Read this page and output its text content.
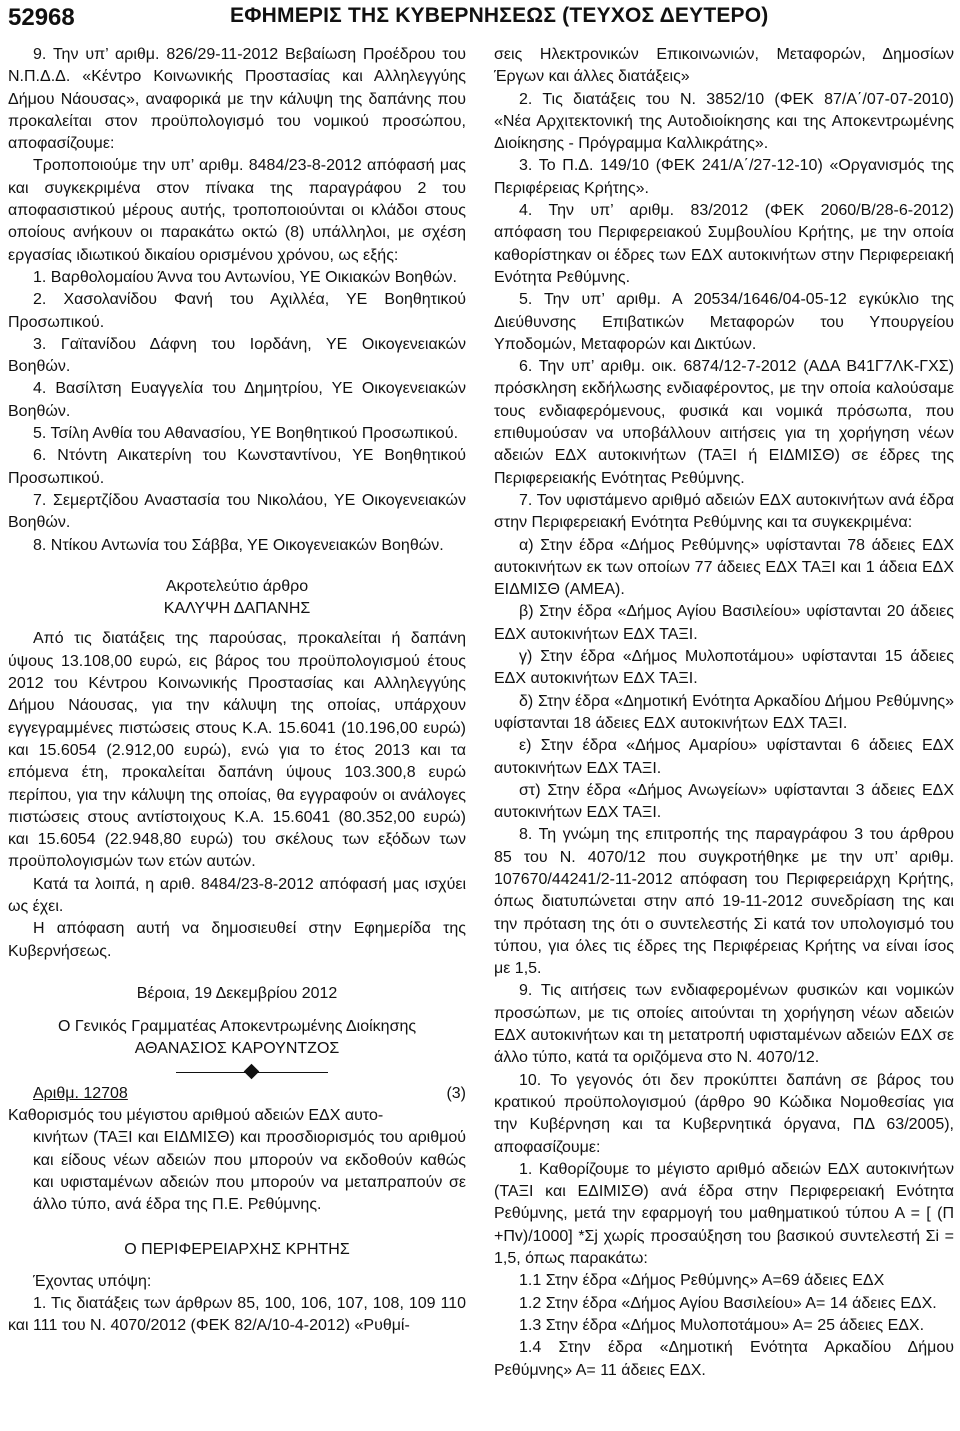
52968	ΕΦΗΜΕΡΙΣ ΤΗΣ ΚΥΒΕΡΝΗΣΕΩΣ (ΤΕΥΧΟΣ ΔΕΥΤΕΡΟ)

9. Την υπ’ αριθμ. 826/29-11-2012 Βεβαίωση Προέδρου του Ν.Π.Δ.Δ. «Κέντρο Κοινωνικής Προστασίας και Αλληλεγγύης Δήμου Νάουσας», αναφορικά με την κάλυψη της δαπάνης που προκαλείται στον προϋπολογισμό του νομικού προσώπου, αποφασίζουμε:

Τροποποιούμε την υπ’ αριθμ. 8484/23-8-2012 απόφασή μας και συγκεκριμένα στον πίνακα της παραγράφου 2 του αποφασιστικού μέρους αυτής, τροποποιούνται οι κλάδοι στους οποίους ανήκουν οι παρακάτω οκτώ (8) υπάλληλοι, με σχέση εργασίας ιδιωτικού δικαίου ορισμένου χρόνου, ως εξής:

1. Βαρθολομαίου Άννα του Αντωνίου, ΥΕ Οικιακών Βοηθών.

2. Χασολανίδου Φανή του Αχιλλέα, ΥΕ Βοηθητικού Προσωπικού.

3. Γαϊτανίδου Δάφνη του Ιορδάνη, ΥΕ Οικογενειακών Βοηθών.

4. Βασίλτση Ευαγγελία του Δημητρίου, ΥΕ Οικογενειακών Βοηθών.

5. Τσίλη Ανθία του Αθανασίου, ΥΕ Βοηθητικού Προσωπικού.

6. Ντόντη Αικατερίνη του Κωνσταντίνου, ΥΕ Βοηθητικού Προσωπικού.

7. Σεμερτζίδου Αναστασία του Νικολάου, ΥΕ Οικογενειακών Βοηθών.

8. Ντίκου Αντωνία του Σάββα, ΥΕ Οικογενειακών Βοηθών.

Ακροτελεύτιο άρθρο

ΚΑΛΥΨΗ ΔΑΠΑΝΗΣ

Από τις διατάξεις της παρούσας, προκαλείται ή δαπάνη ύψους 13.108,00 ευρώ, εις βάρος του προϋπολογισμού έτους 2012 του Κέντρου Κοινωνικής Προστασίας και Αλληλεγγύης Δήμου Νάουσας, για την κάλυψη της οποίας, υπάρχουν εγγεγραμμένες πιστώσεις στους Κ.Α. 15.6041 (10.196,00 ευρώ) και 15.6054 (2.912,00 ευρώ), ενώ για το έτος 2013 και τα επόμενα έτη, προκαλείται δαπάνη ύψους 103.300,8 ευρώ περίπου, για την κάλυψη της οποίας, θα εγγραφούν οι ανάλογες πιστώσεις στους αντίστοιχους Κ.Α. 15.6041 (80.352,00 ευρώ) και 15.6054 (22.948,80 ευρώ) του σκέλους των εξόδων των προϋπολογισμών των ετών αυτών.

Κατά τα λοιπά, η αριθ. 8484/23-8-2012 απόφασή μας ισχύει ως έχει.

Η απόφαση αυτή να δημοσιευθεί στην Εφημερίδα της Κυβερνήσεως.

Βέροια, 19 Δεκεμβρίου 2012

Ο Γενικός Γραμματέας Αποκεντρωμένης Διοίκησης

ΑΘΑΝΑΣΙΟΣ ΚΑΡΟΥΝΤΖΟΣ

Αριθμ. 12708	(3)

Καθορισμός του μέγιστου αριθμού αδειών ΕΔΧ αυτο-

κινήτων (ΤΑΞΙ και ΕΙΔΜΙΣΘ) και προσδιορισμός του αριθμού και είδους νέων αδειών που μπορούν να εκδοθούν καθώς και υφισταμένων αδειών που μπορούν να μεταπραπούν σε άλλο τύπο, ανά έδρα της Π.Ε. Ρεθύμνης.

Ο ΠΕΡΙΦΕΡΕΙΑΡΧΗΣ ΚΡΗΤΗΣ

Έχοντας υπόψη:

1. Τις διατάξεις των άρθρων 85, 100, 106, 107, 108, 109 110 και 111 του Ν. 4070/2012 (ΦΕΚ 82/Α/10-4-2012) «Ρυθμί-

σεις Ηλεκτρονικών Επικοινωνιών, Μεταφορών, Δημοσίων Έργων και άλλες διατάξεις»

2. Τις διατάξεις του Ν. 3852/10 (ΦΕΚ 87/Α΄/07-07-2010) «Νέα Αρχιτεκτονική της Αυτοδιοίκησης και της Αποκεντρωμένης Διοίκησης - Πρόγραμμα Καλλικράτης».

3. Το Π.Δ. 149/10 (ΦΕΚ 241/Α΄/27-12-10) «Οργανισμός της Περιφέρειας Κρήτης».

4. Την υπ’ αριθμ. 83/2012 (ΦΕΚ 2060/Β/28-6-2012) απόφαση του Περιφερειακού Συμβουλίου Κρήτης, με την οποία καθορίστηκαν οι έδρες των ΕΔΧ αυτοκινήτων στην Περιφερειακή Ενότητα Ρεθύμνης.

5. Την υπ’ αριθμ. Α 20534/1646/04-05-12 εγκύκλιο της Διεύθυνσης Επιβατικών Μεταφορών του Υπουργείου Υποδομών, Μεταφορών και Δικτύων.

6. Την υπ’ αριθμ. οικ. 6874/12-7-2012 (ΑΔΑ Β41Γ7ΛΚ-ΓΧΣ) πρόσκληση εκδήλωσης ενδιαφέροντος, με την οποία καλούσαμε τους ενδιαφερόμενους, φυσικά και νομικά πρόσωπα, που επιθυμούσαν να υποβάλλουν αιτήσεις για τη χορήγηση νέων αδειών ΕΔΧ αυτοκινήτων (ΤΑΞΙ ή ΕΙΔΜΙΣΘ) σε έδρες της Περιφερειακής Ενότητας Ρεθύμνης.

7. Τον υφιστάμενο αριθμό αδειών ΕΔΧ αυτοκινήτων ανά έδρα στην Περιφερειακή Ενότητα Ρεθύμνης και τα συγκεκριμένα:

α) Στην έδρα «Δήμος Ρεθύμνης» υφίστανται 78 άδειες ΕΔΧ αυτοκινήτων εκ των οποίων 77 άδειες ΕΔΧ ΤΑΞΙ και 1 άδεια ΕΔΧ ΕΙΔΜΙΣΘ (ΑΜΕΑ).

β) Στην έδρα «Δήμος Αγίου Βασιλείου» υφίστανται 20 άδειες ΕΔΧ αυτοκινήτων ΕΔΧ ΤΑΞΙ.

γ) Στην έδρα «Δήμος Μυλοποτάμου» υφίστανται 15 άδειες ΕΔΧ αυτοκινήτων ΕΔΧ ΤΑΞΙ.

δ) Στην έδρα «Δημοτική Ενότητα Αρκαδίου Δήμου Ρεθύμνης» υφίστανται 18 άδειες ΕΔΧ αυτοκινήτων ΕΔΧ ΤΑΞΙ.

ε) Στην έδρα «Δήμος Αμαρίου» υφίστανται 6 άδειες ΕΔΧ αυτοκινήτων ΕΔΧ ΤΑΞΙ.

στ) Στην έδρα «Δήμος Ανωγείων» υφίστανται 3 άδειες ΕΔΧ αυτοκινήτων ΕΔΧ ΤΑΞΙ.

8. Τη γνώμη της επιτροπής της παραγράφου 3 του άρθρου 85 του Ν. 4070/12 που συγκροτήθηκε με την υπ’ αριθμ. 107670/44241/2-11-2012 απόφαση του Περιφερειάρχη Κρήτης, όπως διατυπώνεται στην από 19-11-2012 συνεδρίαση της και την πρόταση της ότι ο συντελεστής Σi κατά τον υπολογισμό του τύπου, για όλες τις έδρες της Περιφέρειας Κρήτης να είναι ίσος με 1,5.

9. Τις αιτήσεις των ενδιαφερομένων φυσικών και νομικών προσώπων, με τις οποίες αιτούνται τη χορήγηση νέων αδειών ΕΔΧ αυτοκινήτων και τη μετατροπή υφισταμένων αδειών ΕΔΧ σε άλλο τύπο, κατά τα οριζόμενα στο Ν. 4070/12.

10. Το γεγονός ότι δεν προκύπτει δαπάνη σε βάρος του κρατικού προϋπολογισμού (άρθρο 90 Κώδικα Νομοθεσίας για την Κυβέρνηση και τα Κυβερνητικά όργανα, ΠΔ 63/2005), αποφασίζουμε:

1. Καθορίζουμε το μέγιστο αριθμό αδειών ΕΔΧ αυτοκινήτων (ΤΑΞΙ και ΕΔΙΜΙΣΘ) ανά έδρα στην Περιφερειακή Ενότητα Ρεθύμνης, μετά την εφαρμογή του μαθηματικού τύπου Α = [ (Π +Πv)/1000] *Σj χωρίς προσαύξηση του βασικού συντελεστή Σi = 1,5, όπως παρακάτω:

1.1 Στην έδρα «Δήμος Ρεθύμνης» Α=69 άδειες ΕΔΧ

1.2 Στην έδρα «Δήμος Αγίου Βασιλείου» Α= 14 άδειες ΕΔΧ.

1.3 Στην έδρα «Δήμος Μυλοποτάμου» Α= 25 άδειες ΕΔΧ.

1.4 Στην έδρα «Δημοτική Ενότητα Αρκαδίου Δήμου Ρεθύμνης» Α= 11 άδειες ΕΔΧ.
